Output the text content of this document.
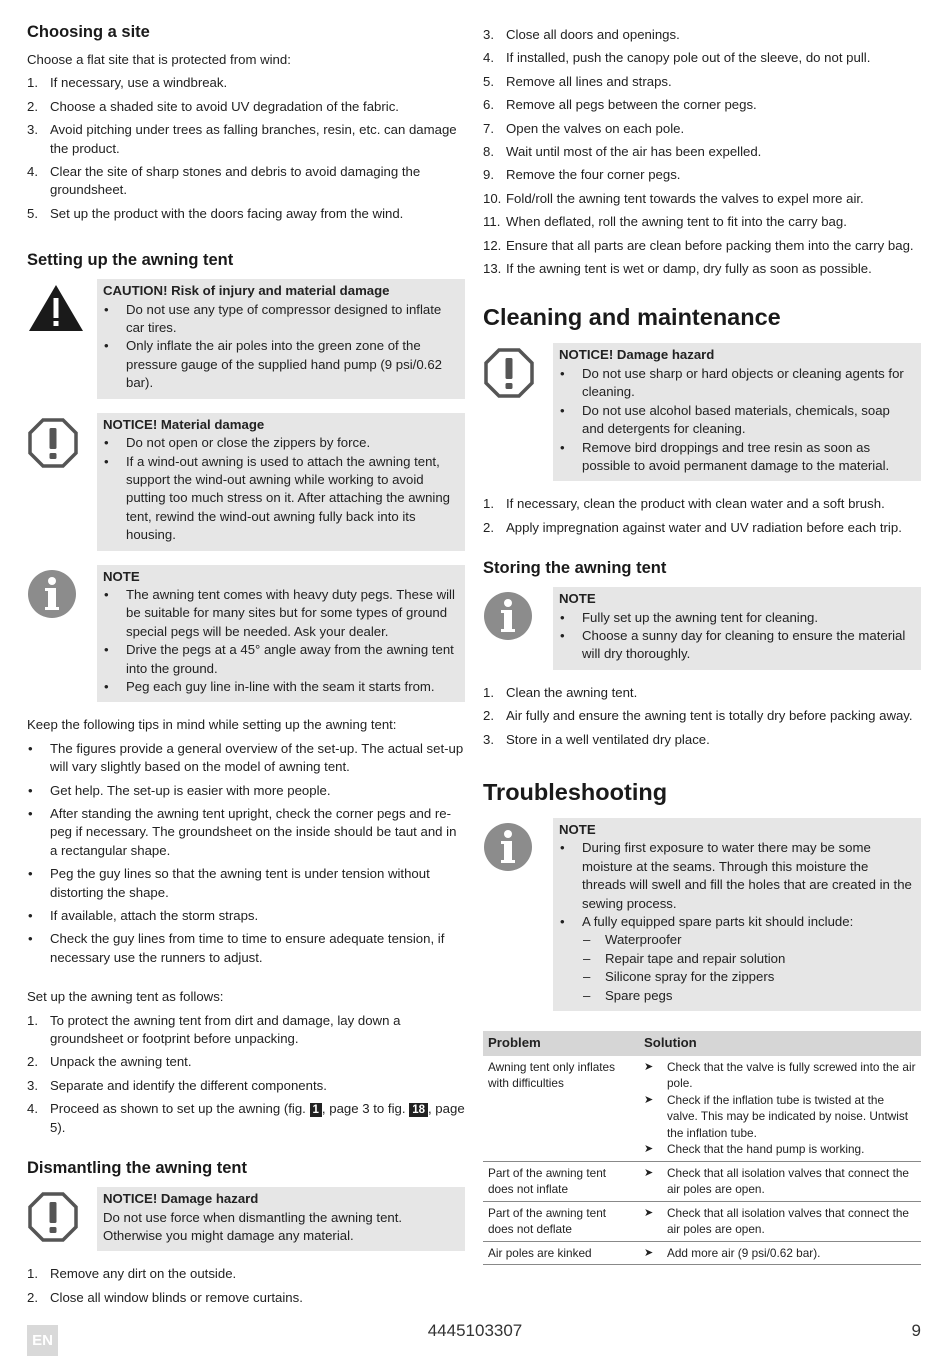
Choosing a site

Choose a flat site that is protected from wind:

1. If necessary, use a windbreak.
2. Choose a shaded site to avoid UV degradation of the fabric.
3. Avoid pitching under trees as falling branches, resin, etc. can damage the product.
4. Clear the site of sharp stones and debris to avoid damaging the groundsheet.
5. Set up the product with the doors facing away from the wind.
Setting up the awning tent
CAUTION! Risk of injury and material damage
• Do not use any type of compressor designed to inflate car tires.
• Only inflate the air poles into the green zone of the pressure gauge of the supplied hand pump (9 psi/0.62 bar).
NOTICE! Material damage
• Do not open or close the zippers by force.
• If a wind-out awning is used to attach the awning tent, support the wind-out awning while working to avoid putting too much stress on it. After attaching the awning tent, rewind the wind-out awning fully back into its housing.
NOTE
• The awning tent comes with heavy duty pegs. These will be suitable for many sites but for some types of ground special pegs will be needed. Ask your dealer.
• Drive the pegs at a 45° angle away from the awning tent into the ground.
• Peg each guy line in-line with the seam it starts from.

Keep the following tips in mind while setting up the awning tent:

• The figures provide a general overview of the set-up. The actual set-up will vary slightly based on the model of awning tent.
• Get help. The set-up is easier with more people.
• After standing the awning tent upright, check the corner pegs and re-peg if necessary. The groundsheet on the inside should be taut and in a rectangular shape.
• Peg the guy lines so that the awning tent is under tension without distorting the shape.
• If available, attach the storm straps.
• Check the guy lines from time to time to ensure adequate tension, if necessary use the runners to adjust.

Set up the awning tent as follows:

1. To protect the awning tent from dirt and damage, lay down a groundsheet or footprint before unpacking.
2. Unpack the awning tent.
3. Separate and identify the different components.
4. Proceed as shown to set up the awning (fig. 1 , page 3 to fig. 18 , page 5).
Dismantling the awning tent
NOTICE! Damage hazard
Do not use force when dismantling the awning tent. Otherwise you might damage any material.
1. Remove any dirt on the outside.
2. Close all window blinds or remove curtains.
3. Close all doors and openings.
4. If installed, push the canopy pole out of the sleeve, do not pull.
5. Remove all lines and straps.
6. Remove all pegs between the corner pegs.
7. Open the valves on each pole.
8. Wait until most of the air has been expelled.
9. Remove the four corner pegs.
10. Fold/roll the awning tent towards the valves to expel more air.
11. When deflated, roll the awning tent to fit into the carry bag.
12. Ensure that all parts are clean before packing them into the carry bag.
13. If the awning tent is wet or damp, dry fully as soon as possible.
Cleaning and maintenance
NOTICE! Damage hazard
• Do not use sharp or hard objects or cleaning agents for cleaning.
• Do not use alcohol based materials, chemicals, soap and detergents for cleaning.
• Remove bird droppings and tree resin as soon as possible to avoid permanent damage to the material.
1. If necessary, clean the product with clean water and a soft brush.
2. Apply impregnation against water and UV radiation before each trip.
Storing the awning tent
NOTE
• Fully set up the awning tent for cleaning.
• Choose a sunny day for cleaning to ensure the material will dry thoroughly.
1. Clean the awning tent.
2. Air fully and ensure the awning tent is totally dry before packing away.
3. Store in a well ventilated dry place.
Troubleshooting
NOTE
• During first exposure to water there may be some moisture at the seams. Through this moisture the threads will swell and fill the holes that are created in the sewing process.
• A fully equipped spare parts kit should include:
– Waterproofer
– Repair tape and repair solution
– Silicone spray for the zippers
– Spare pegs
Problem	Solution
Awning tent only inflates with difficulties	➤ Check that the valve is fully screwed into the air pole.
➤ Check if the inflation tube is twisted at the valve. This may be indicated by noise. Untwist the inflation tube.
➤ Check that the hand pump is working.

Part of the awning tent does not inflate	➤ Check that all isolation valves that connect the air poles are open.

Part of the awning tent does not deflate	➤ Check that all isolation valves that connect the air poles are open.

Air poles are kinked	➤ Add more air (9 psi/0.62 bar).
EN
4445103307	9
